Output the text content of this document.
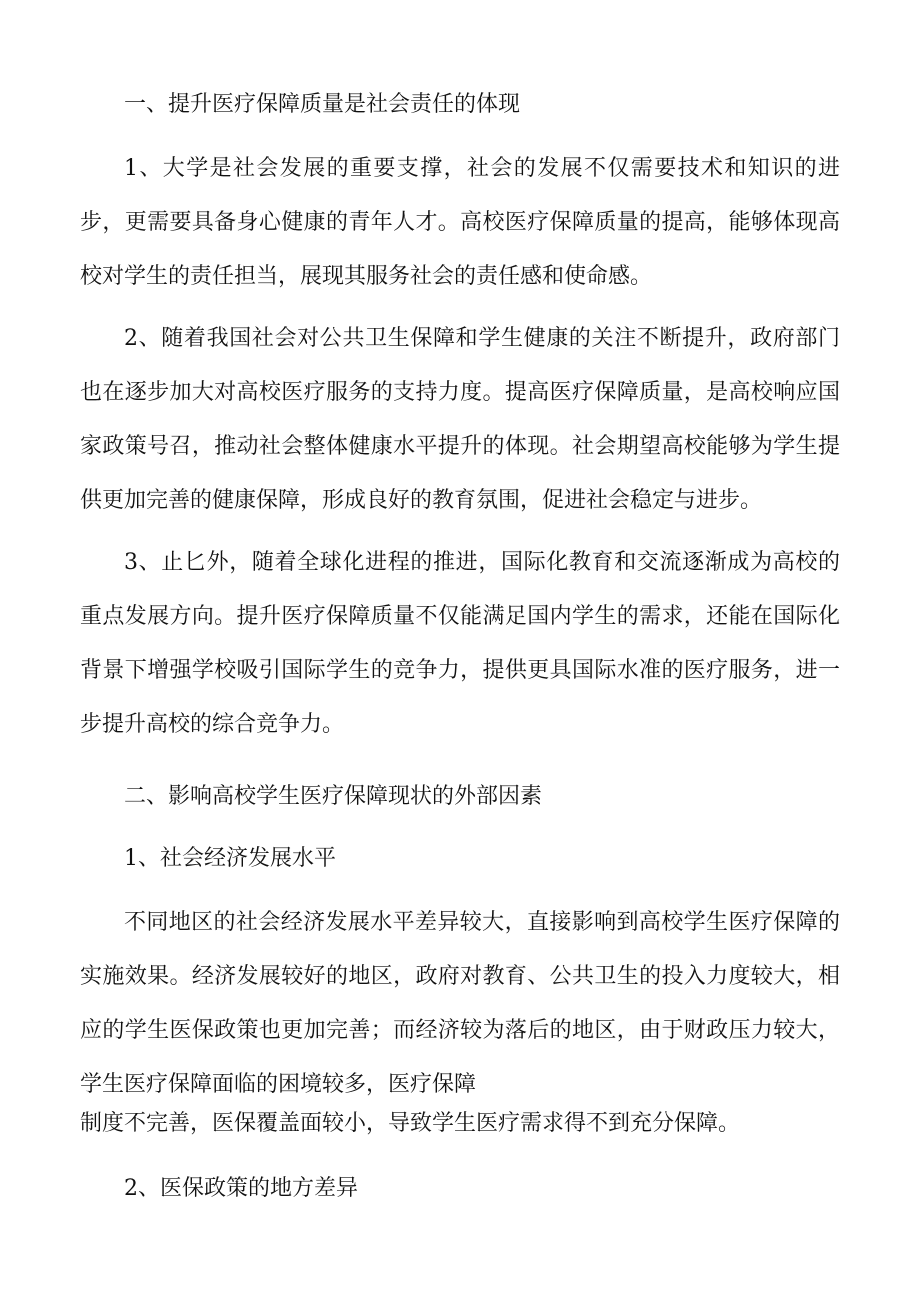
一、提升医疗保障质量是社会责任的体现

1、大学是社会发展的重要支撑，社会的发展不仅需要技术和知识的进步，更需要具备身心健康的青年人才。高校医疗保障质量的提高，能够体现高校对学生的责任担当，展现其服务社会的责任感和使命感。

2、随着我国社会对公共卫生保障和学生健康的关注不断提升，政府部门也在逐步加大对高校医疗服务的支持力度。提高医疗保障质量，是高校响应国家政策号召，推动社会整体健康水平提升的体现。社会期望高校能够为学生提供更加完善的健康保障，形成良好的教育氛围，促进社会稳定与进步。

3、止匕外，随着全球化进程的推进，国际化教育和交流逐渐成为高校的重点发展方向。提升医疗保障质量不仅能满足国内学生的需求，还能在国际化背景下增强学校吸引国际学生的竞争力，提供更具国际水准的医疗服务，进一步提升高校的综合竞争力。

二、影响高校学生医疗保障现状的外部因素

1、社会经济发展水平

不同地区的社会经济发展水平差异较大，直接影响到高校学生医疗保障的实施效果。经济发展较好的地区，政府对教育、公共卫生的投入力度较大，相应的学生医保政策也更加完善；而经济较为落后的地区，由于财政压力较大，学生医疗保障面临的困境较多，医疗保障

制度不完善，医保覆盖面较小，导致学生医疗需求得不到充分保障。

2、医保政策的地方差异
